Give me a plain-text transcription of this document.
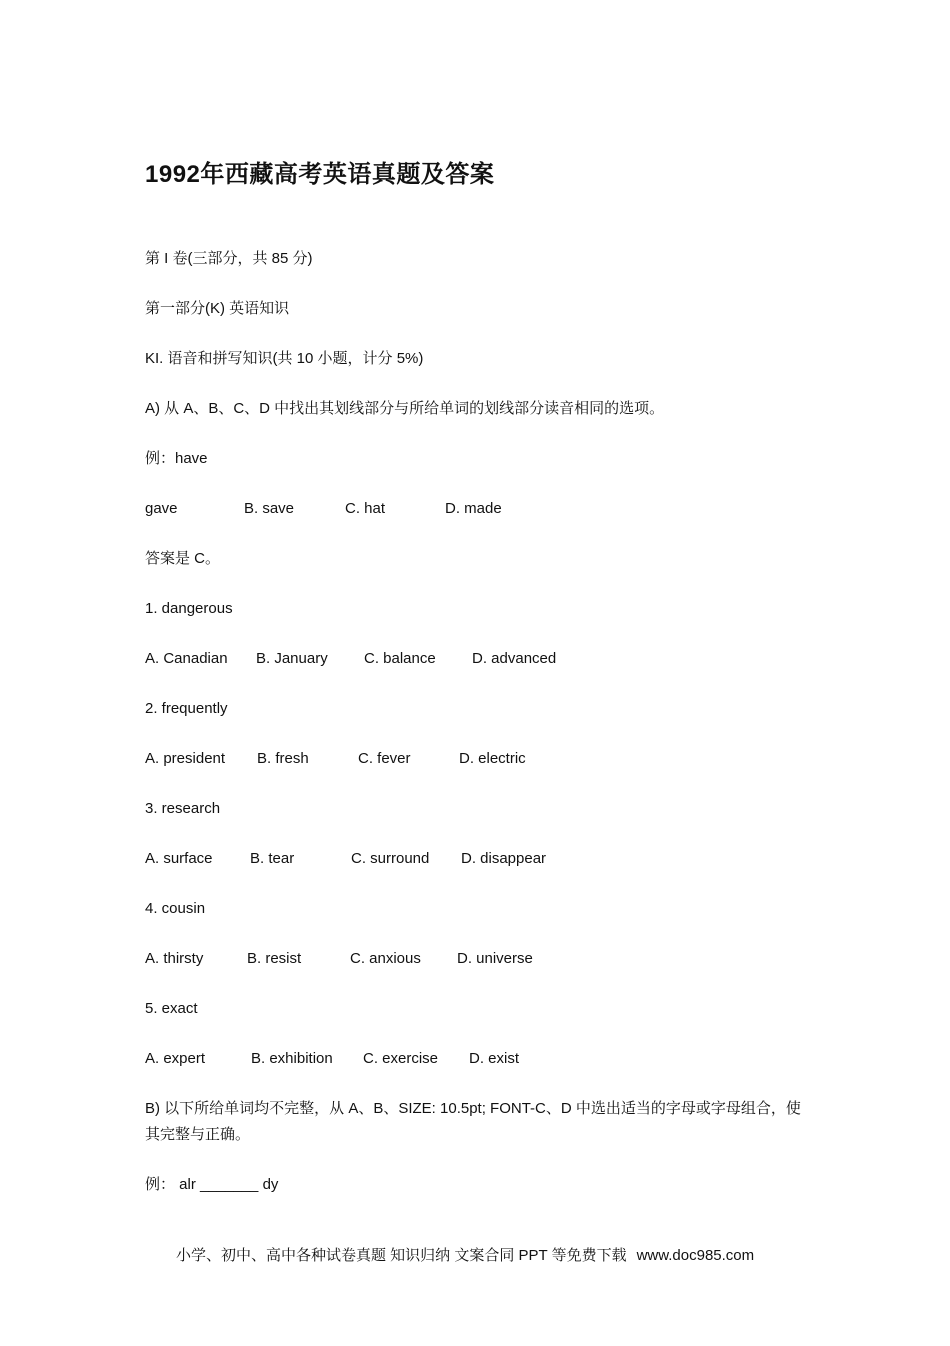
1992年西藏高考英语真题及答案
第 I 卷(三部分，共 85 分)
第一部分(K) 英语知识
KI. 语音和拼写知识(共 10 小题，计分 5%)
A) 从 A、B、C、D 中找出其划线部分与所给单词的划线部分读音相同的选项。
例：have
gave	B. save	C. hat	D. made
答案是 C。
1. dangerous
A. Canadian B. January C. balance D. advanced
2. frequently
A. president B. fresh	C. fever	D. electric
3. research
A. surface B. tear	C. surround D. disappear
4. cousin
A. thirsty	B. resist	C. anxious D. universe
5. exact
A. expert	B. exhibition C. exercise D. exist
B) 以下所给单词均不完整，从 A、B、SIZE: 10.5pt; FONT-C、D 中选出适当的字母或字母组合，使其完整与正确。
例： alr _______ dy
小学、初中、高中各种试卷真题 知识归纳 文案合同 PPT 等免费下载 www.doc985.com
